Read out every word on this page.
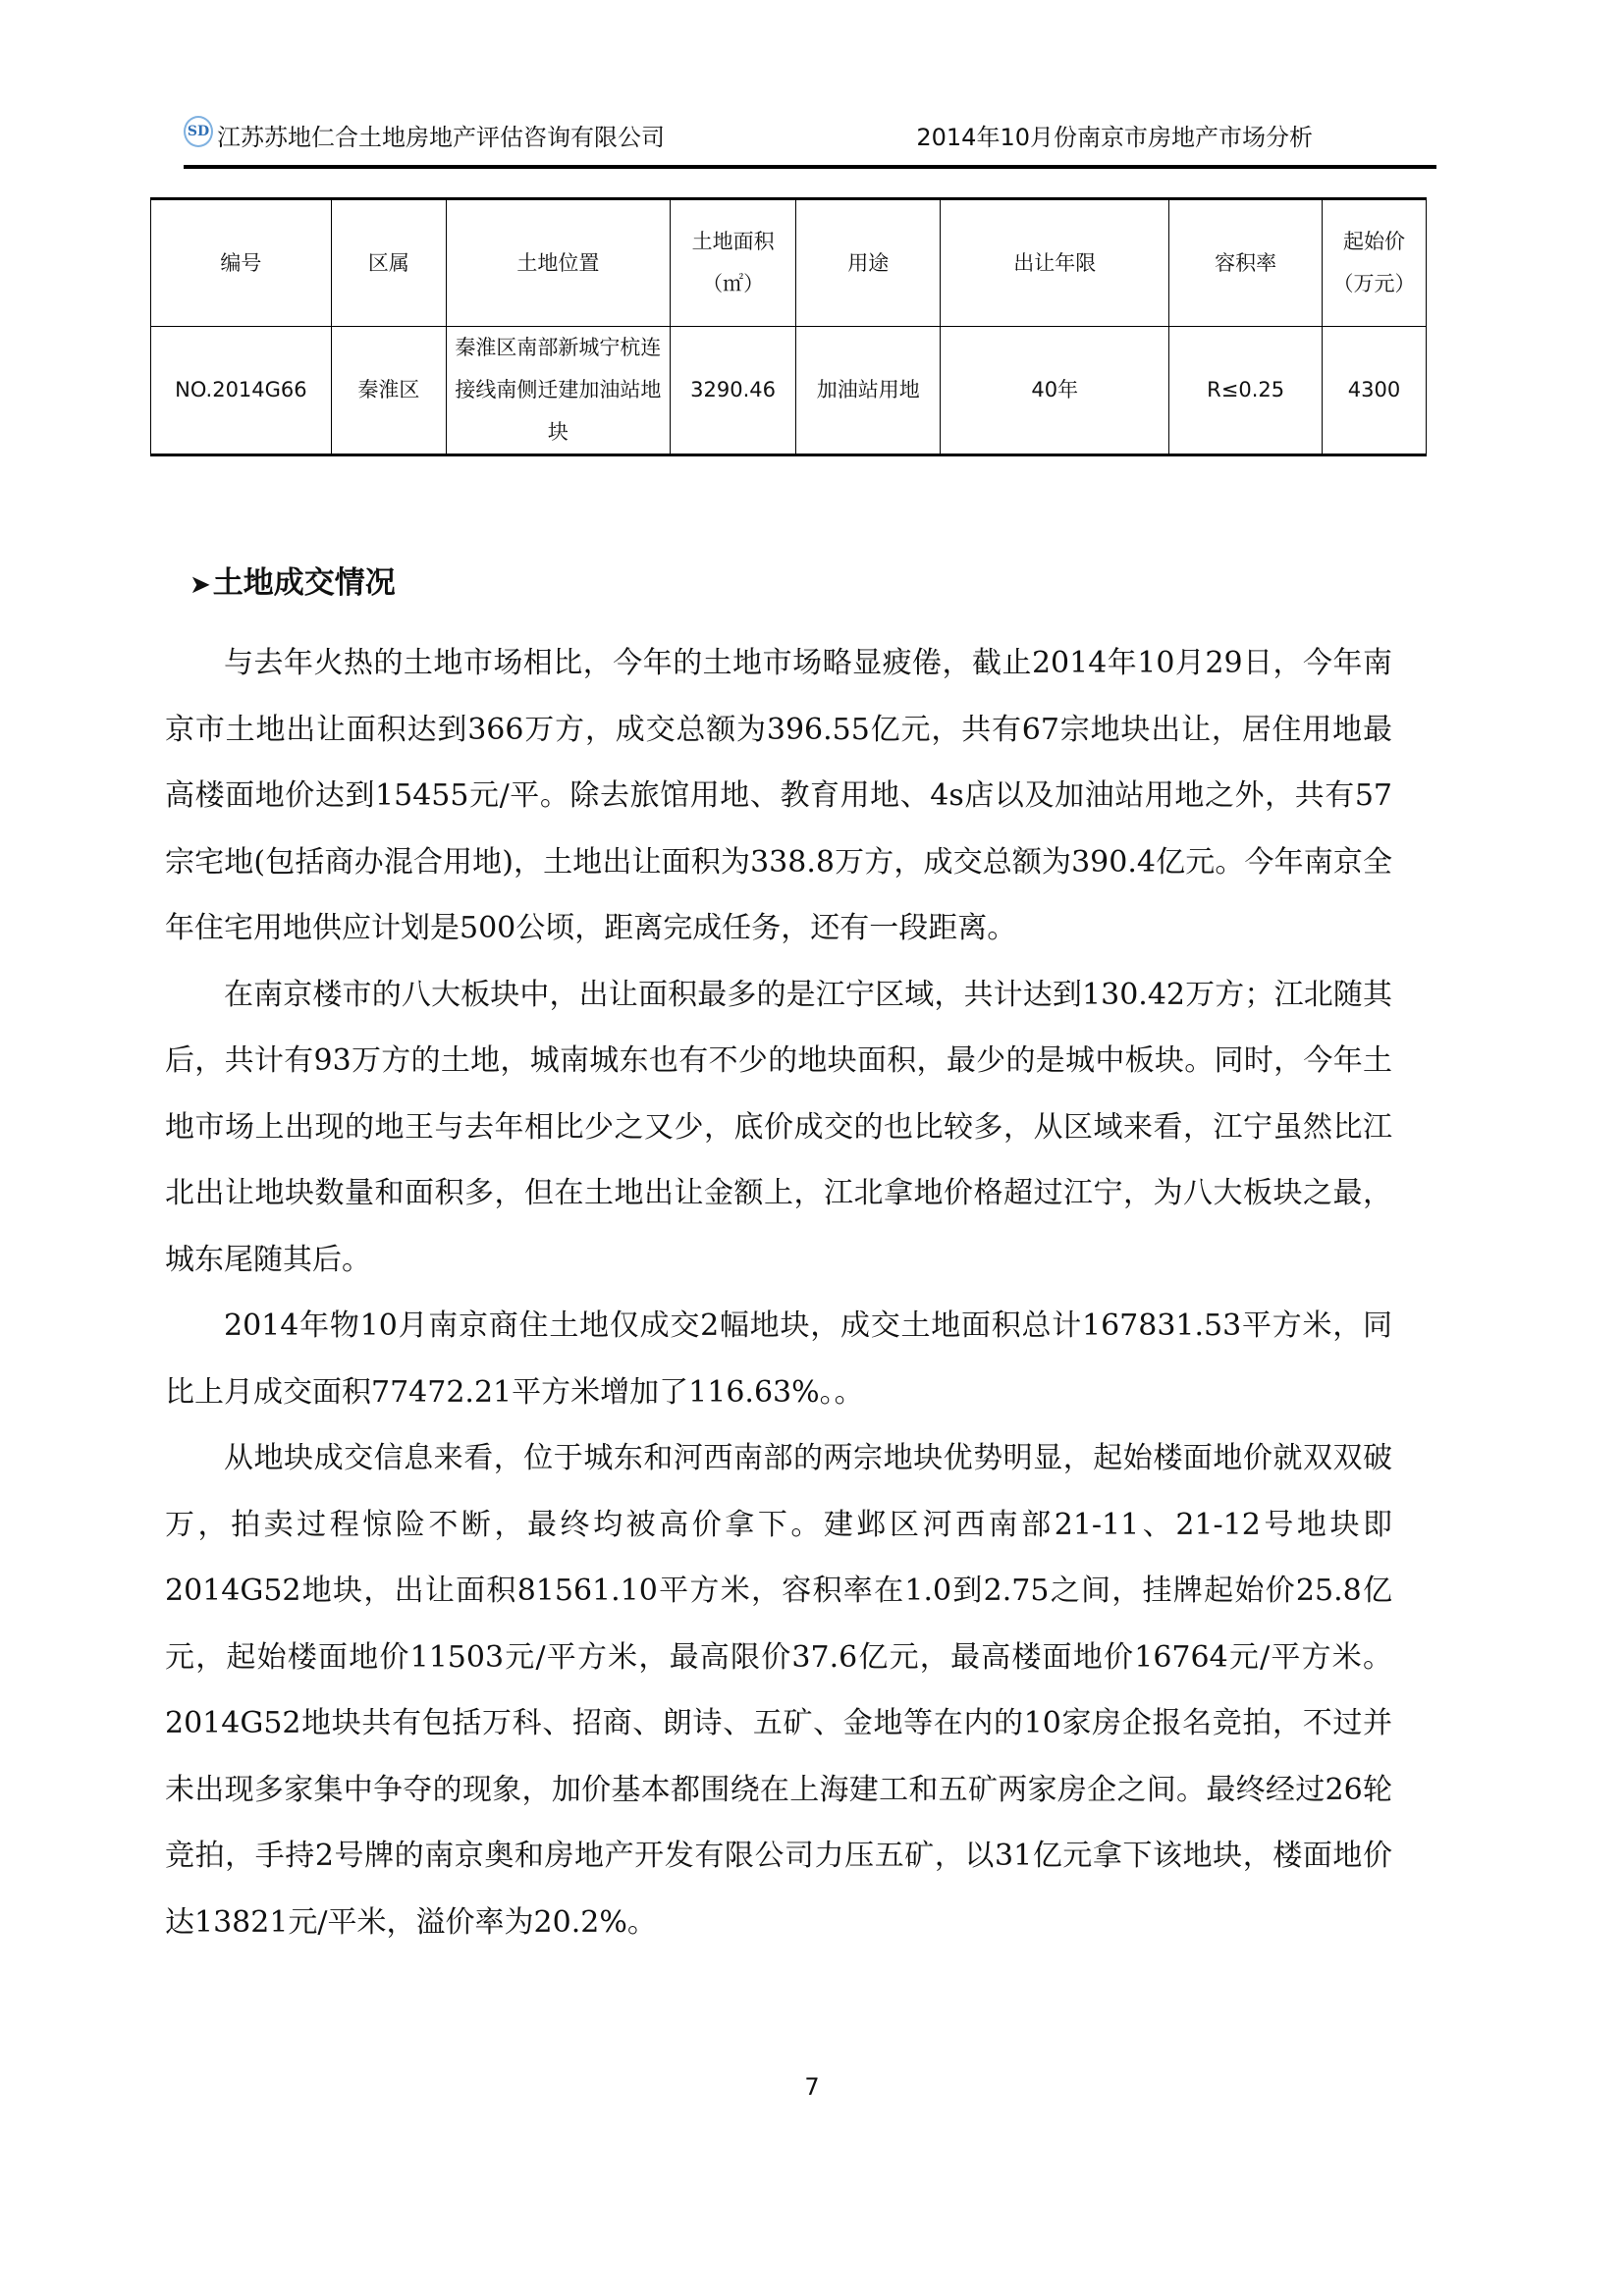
SD 江苏苏地仁合土地房地产评估咨询有限公司	2014年10月份南京市房地产市场分析
编号	区属	土地位置	土地面积（㎡）	用途	出让年限	容积率	起始价（万元）
NO.2014G66	秦淮区	秦淮区南部新城宁杭连接线南侧迁建加油站地块	3290.46	加油站用地	40年	R≤0.25	4300
➤土地成交情况

与去年火热的土地市场相比，今年的土地市场略显疲倦，截止2014年10月29日，今年南京市土地出让面积达到366万方，成交总额为396.55亿元，共有67宗地块出让，居住用地最高楼面地价达到15455元/平。除去旅馆用地、教育用地、4s店以及加油站用地之外，共有57宗宅地(包括商办混合用地)，土地出让面积为338.8万方，成交总额为390.4亿元。今年南京全年住宅用地供应计划是500公顷，距离完成任务，还有一段距离。

在南京楼市的八大板块中，出让面积最多的是江宁区域，共计达到130.42万方；江北随其后，共计有93万方的土地，城南城东也有不少的地块面积，最少的是城中板块。同时，今年土地市场上出现的地王与去年相比少之又少，底价成交的也比较多，从区域来看，江宁虽然比江北出让地块数量和面积多，但在土地出让金额上，江北拿地价格超过江宁，为八大板块之最，城东尾随其后。

2014年物10月南京商住土地仅成交2幅地块，成交土地面积总计167831.53平方米，同比上月成交面积77472.21平方米增加了116.63%。。

从地块成交信息来看，位于城东和河西南部的两宗地块优势明显，起始楼面地价就双双破万，拍卖过程惊险不断，最终均被高价拿下。建邺区河西南部21-11、21-12号地块即2014G52地块，出让面积81561.10平方米，容积率在1.0到2.75之间，挂牌起始价25.8亿元，起始楼面地价11503元/平方米，最高限价37.6亿元，最高楼面地价16764元/平方米。2014G52地块共有包括万科、招商、朗诗、五矿、金地等在内的10家房企报名竞拍，不过并未出现多家集中争夺的现象，加价基本都围绕在上海建工和五矿两家房企之间。最终经过26轮竞拍，手持2号牌的南京奥和房地产开发有限公司力压五矿，以31亿元拿下该地块，楼面地价达13821元/平米，溢价率为20.2%。

7
